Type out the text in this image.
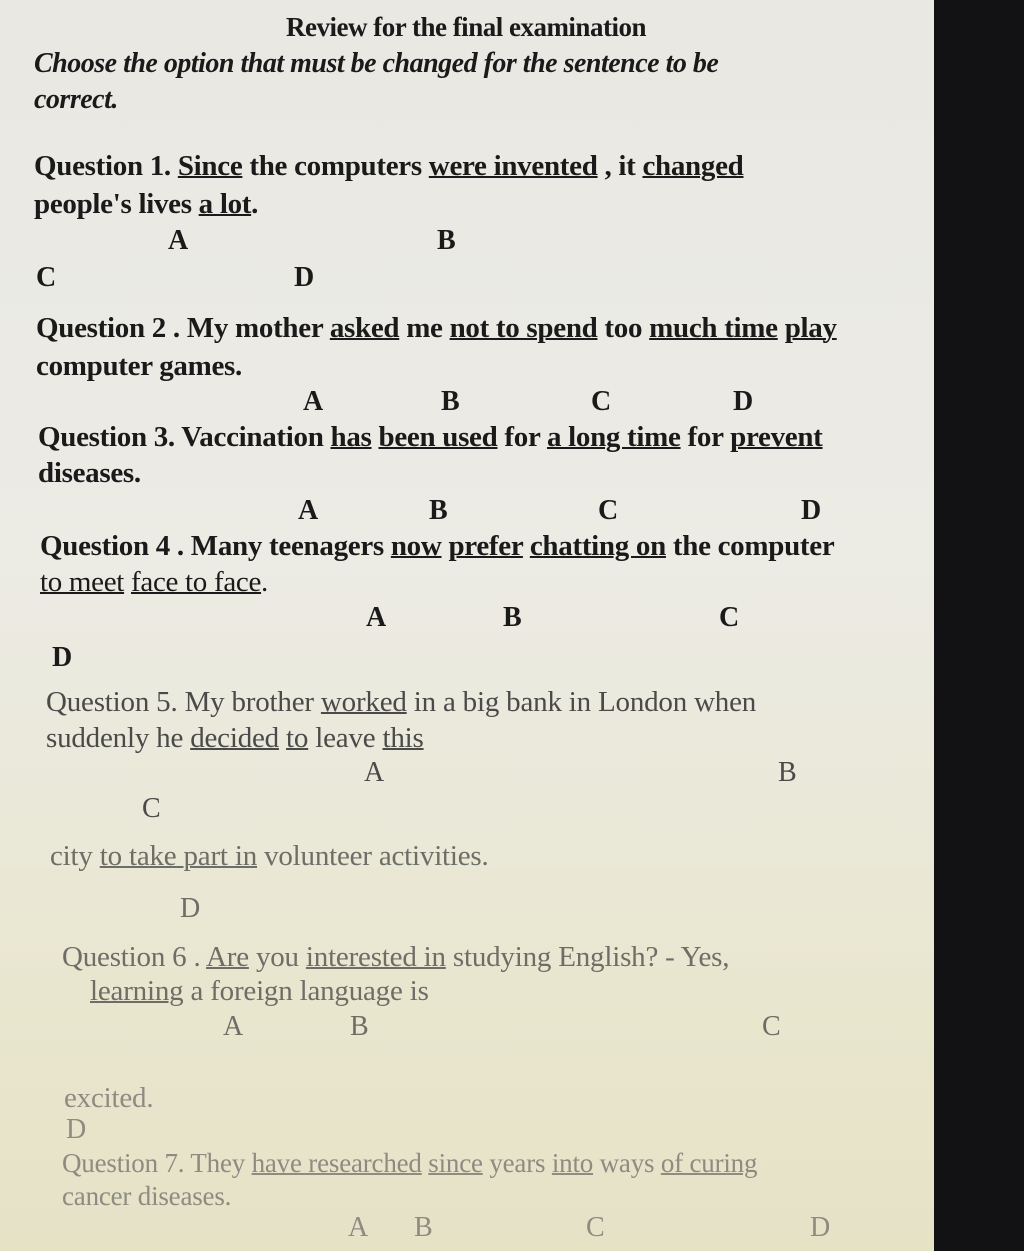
Review for the final examination
Choose the option that must be changed for the sentence to be
correct.
Question 1. Since the computers were invented , it changed
people's lives a lot.
A	B
C	D
Question 2 . My mother asked me not to spend too much time play
computer games.
A	B	C	D
Question 3. Vaccination has been used for a long time for prevent
diseases.
A	B	C	D
Question 4 . Many teenagers now prefer chatting on the computer
to meet face to face.
A	B	C
D
Question 5. My brother worked in a big bank in London when
suddenly he decided to leave this
A	B
C
city to take part in volunteer activities.
D
Question 6 . Are you interested in studying English? - Yes,
learning a foreign language is
A	B	C
excited.
D
Question 7. They have researched since years into ways of curing
cancer diseases.
A B	C	D
